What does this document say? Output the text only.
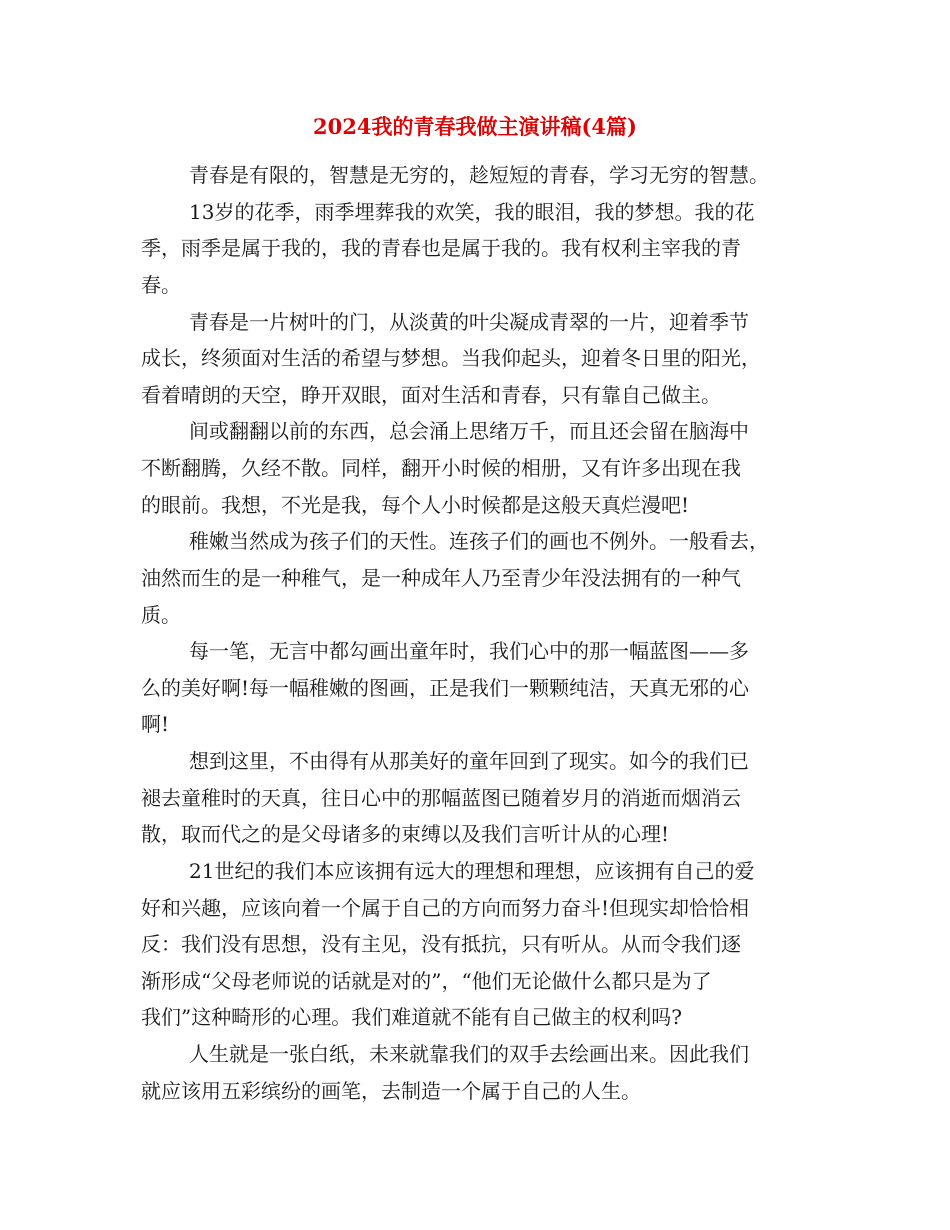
2024我的青春我做主演讲稿(4篇)

青春是有限的，智慧是无穷的，趁短短的青春，学习无穷的智慧。

13岁的花季，雨季埋葬我的欢笑，我的眼泪，我的梦想。我的花
季，雨季是属于我的，我的青春也是属于我的。我有权利主宰我的青
春。

青春是一片树叶的门，从淡黄的叶尖凝成青翠的一片，迎着季节
成长，终须面对生活的希望与梦想。当我仰起头，迎着冬日里的阳光，
看着晴朗的天空，睁开双眼，面对生活和青春，只有靠自己做主。

间或翻翻以前的东西，总会涌上思绪万千，而且还会留在脑海中
不断翻腾，久经不散。同样，翻开小时候的相册，又有许多出现在我
的眼前。我想，不光是我，每个人小时候都是这般天真烂漫吧!

稚嫩当然成为孩子们的天性。连孩子们的画也不例外。一般看去，
油然而生的是一种稚气，是一种成年人乃至青少年没法拥有的一种气
质。

每一笔，无言中都勾画出童年时，我们心中的那一幅蓝图——多
么的美好啊!每一幅稚嫩的图画，正是我们一颗颗纯洁，天真无邪的心
啊!

想到这里，不由得有从那美好的童年回到了现实。如今的我们已
褪去童稚时的天真，往日心中的那幅蓝图已随着岁月的消逝而烟消云
散，取而代之的是父母诸多的束缚以及我们言听计从的心理!

21世纪的我们本应该拥有远大的理想和理想，应该拥有自己的爱
好和兴趣，应该向着一个属于自己的方向而努力奋斗!但现实却恰恰相
反：我们没有思想，没有主见，没有抵抗，只有听从。从而令我们逐
渐形成“父母老师说的话就是对的”，“他们无论做什么都只是为了
我们”这种畸形的心理。我们难道就不能有自己做主的权利吗?

人生就是一张白纸，未来就靠我们的双手去绘画出来。因此我们
就应该用五彩缤纷的画笔，去制造一个属于自己的人生。
